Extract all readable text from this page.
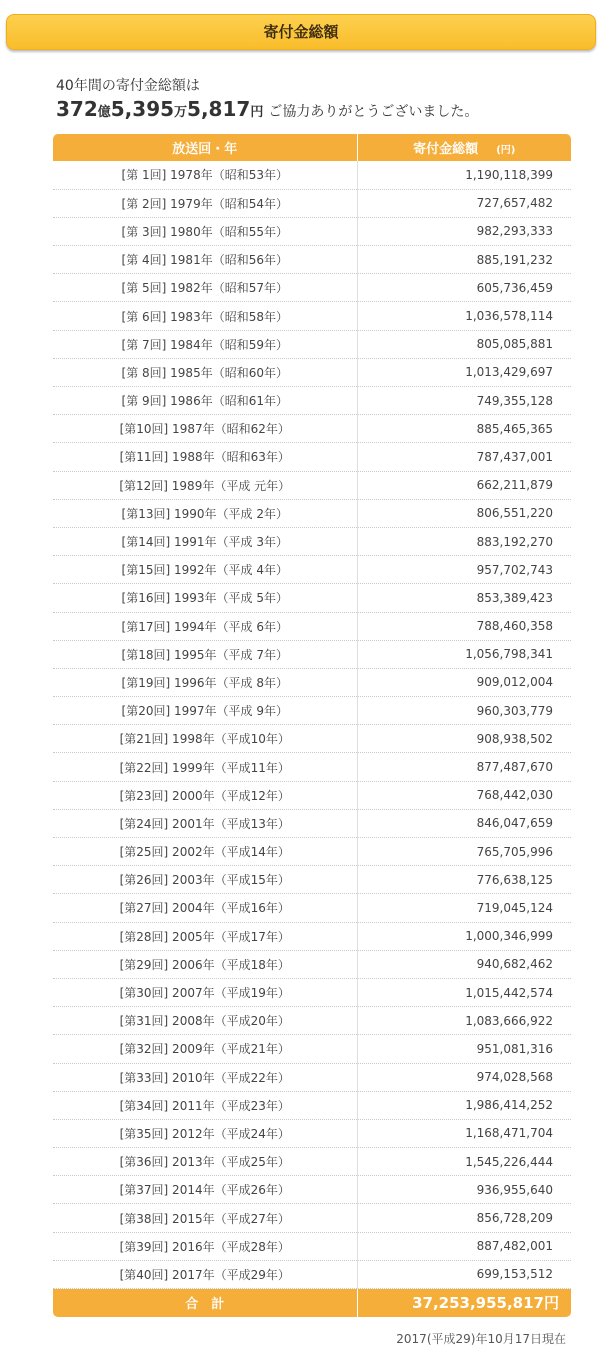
寄付金総額
40年間の寄付金総額は
372億5,395万5,817円 ご協力ありがとうございました。
放送回・年	寄付金総額 (円)
[第 1回] 1978年（昭和53年）	1,190,118,399
[第 2回] 1979年（昭和54年）	727,657,482
[第 3回] 1980年（昭和55年）	982,293,333
[第 4回] 1981年（昭和56年）	885,191,232
[第 5回] 1982年（昭和57年）	605,736,459
[第 6回] 1983年（昭和58年）	1,036,578,114
[第 7回] 1984年（昭和59年）	805,085,881
[第 8回] 1985年（昭和60年）	1,013,429,697
[第 9回] 1986年（昭和61年）	749,355,128
[第10回] 1987年（昭和62年）	885,465,365
[第11回] 1988年（昭和63年）	787,437,001
[第12回] 1989年（平成 元年）	662,211,879
[第13回] 1990年（平成 2年）	806,551,220
[第14回] 1991年（平成 3年）	883,192,270
[第15回] 1992年（平成 4年）	957,702,743
[第16回] 1993年（平成 5年）	853,389,423
[第17回] 1994年（平成 6年）	788,460,358
[第18回] 1995年（平成 7年）	1,056,798,341
[第19回] 1996年（平成 8年）	909,012,004
[第20回] 1997年（平成 9年）	960,303,779
[第21回] 1998年（平成10年）	908,938,502
[第22回] 1999年（平成11年）	877,487,670
[第23回] 2000年（平成12年）	768,442,030
[第24回] 2001年（平成13年）	846,047,659
[第25回] 2002年（平成14年）	765,705,996
[第26回] 2003年（平成15年）	776,638,125
[第27回] 2004年（平成16年）	719,045,124
[第28回] 2005年（平成17年）	1,000,346,999
[第29回] 2006年（平成18年）	940,682,462
[第30回] 2007年（平成19年）	1,015,442,574
[第31回] 2008年（平成20年）	1,083,666,922
[第32回] 2009年（平成21年）	951,081,316
[第33回] 2010年（平成22年）	974,028,568
[第34回] 2011年（平成23年）	1,986,414,252
[第35回] 2012年（平成24年）	1,168,471,704
[第36回] 2013年（平成25年）	1,545,226,444
[第37回] 2014年（平成26年）	936,955,640
[第38回] 2015年（平成27年）	856,728,209
[第39回] 2016年（平成28年）	887,482,001
[第40回] 2017年（平成29年）	699,153,512
合　計	37,253,955,817円
2017(平成29)年10月17日現在
